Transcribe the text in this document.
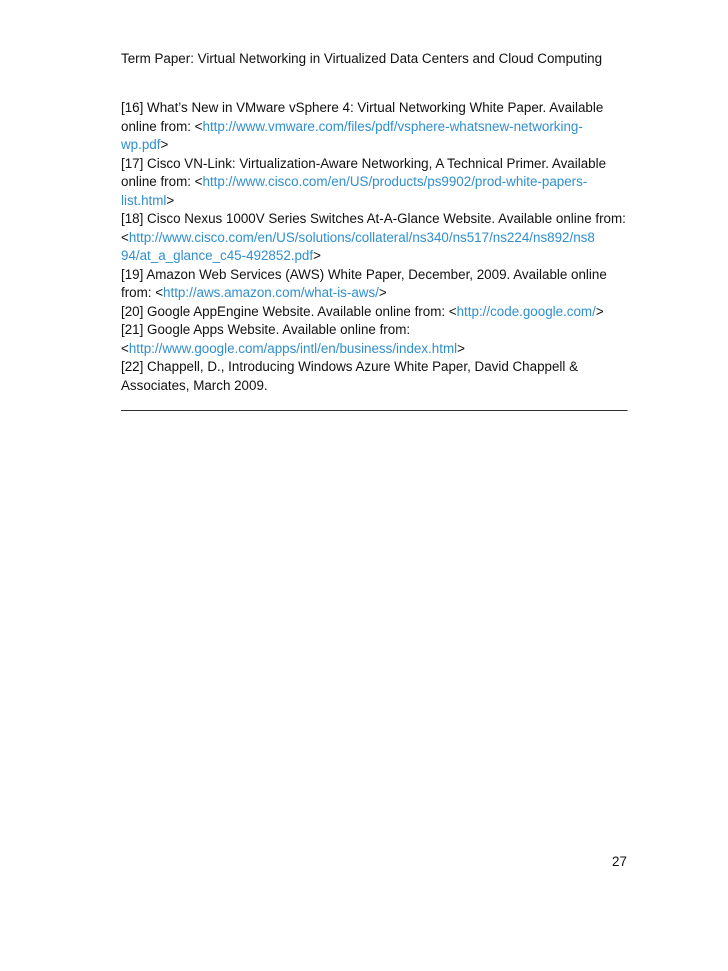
Term Paper: Virtual Networking in Virtualized Data Centers and Cloud Computing
[16] What’s New in VMware vSphere 4: Virtual Networking White Paper. Available
online from: <http://www.vmware.com/files/pdf/vsphere-whatsnew-networking-
wp.pdf>
[17] Cisco VN-Link: Virtualization-Aware Networking, A Technical Primer. Available
online from: <http://www.cisco.com/en/US/products/ps9902/prod-white-papers-
list.html>
[18] Cisco Nexus 1000V Series Switches At-A-Glance Website. Available online from:
<http://www.cisco.com/en/US/solutions/collateral/ns340/ns517/ns224/ns892/ns8
94/at_a_glance_c45-492852.pdf>
[19] Amazon Web Services (AWS) White Paper, December, 2009. Available online
from: <http://aws.amazon.com/what-is-aws/>
[20] Google AppEngine Website. Available online from: <http://code.google.com/>
[21] Google Apps Website. Available online from:
<http://www.google.com/apps/intl/en/business/index.html>
[22] Chappell, D., Introducing Windows Azure White Paper, David Chappell &
Associates, March 2009.
____________________________________________________________________
27
